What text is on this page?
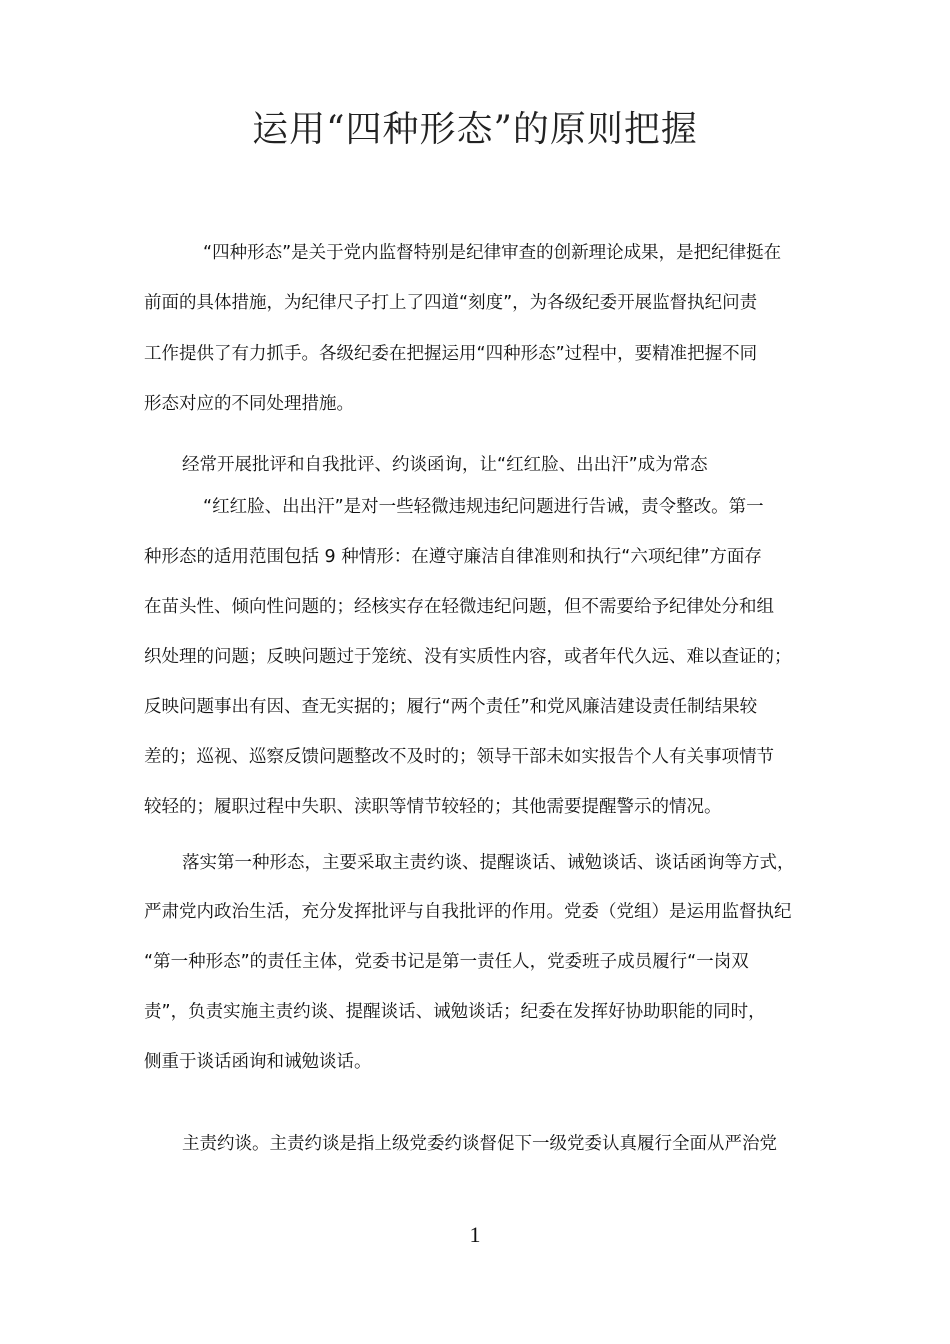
运用“四种形态”的原则把握
“四种形态”是关于党内监督特别是纪律审查的创新理论成果，是把纪律挺在
前面的具体措施，为纪律尺子打上了四道“刻度”，为各级纪委开展监督执纪问责
工作提供了有力抓手。各级纪委在把握运用“四种形态”过程中，要精准把握不同
形态对应的不同处理措施。
经常开展批评和自我批评、约谈函询，让“红红脸、出出汗”成为常态
“红红脸、出出汗”是对一些轻微违规违纪问题进行告诫，责令整改。第一
种形态的适用范围包括 9 种情形：在遵守廉洁自律准则和执行“六项纪律”方面存
在苗头性、倾向性问题的；经核实存在轻微违纪问题，但不需要给予纪律处分和组
织处理的问题；反映问题过于笼统、没有实质性内容，或者年代久远、难以查证的；
反映问题事出有因、查无实据的；履行“两个责任”和党风廉洁建设责任制结果较
差的；巡视、巡察反馈问题整改不及时的；领导干部未如实报告个人有关事项情节
较轻的；履职过程中失职、渎职等情节较轻的；其他需要提醒警示的情况。
落实第一种形态，主要采取主责约谈、提醒谈话、诫勉谈话、谈话函询等方式，
严肃党内政治生活，充分发挥批评与自我批评的作用。党委（党组）是运用监督执纪
“第一种形态”的责任主体，党委书记是第一责任人，党委班子成员履行“一岗双
责”，负责实施主责约谈、提醒谈话、诫勉谈话；纪委在发挥好协助职能的同时，
侧重于谈话函询和诫勉谈话。
主责约谈。主责约谈是指上级党委约谈督促下一级党委认真履行全面从严治党
1
